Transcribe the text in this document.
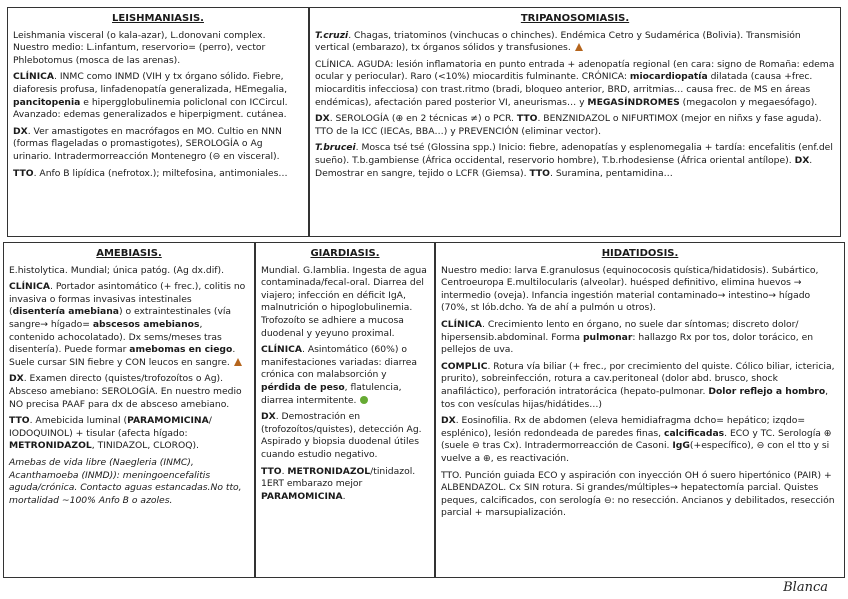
LEISHMANIASIS.

Leishmania visceral (o kala-azar), L.donovani complex. Nuestro medio: L.infantum, reservorio= (perro), vector Phlebotomus (mosca de las arenas).

CLÍNICA. INMC como INMD (VIH y tx órgano sólido. Fiebre, diaforesis profusa, linfadenopatía generalizada, HEmegalia, pancitopenia e hipergglobulinemia policlonal con ICCircul. Avanzado: edemas generalizados e hiperpigment. cutánea.

DX. Ver amastigotes en macrófagos en MO. Cultio en NNN (formas flageladas o promastigotes), SEROLOGÍA o Ag urinario. Intradermorreacción Montenegro (⊖ en visceral).

TTO. Anfo B lipídica (nefrotox.); miltefosina, antimoniales…

TRIPANOSOMIASIS.

T.cruzi. Chagas, triatominos (vinchucas o chinches). Endémica Cetro y Sudamérica (Bolivia). Transmisión vertical (embarazo), tx órganos sólidos y transfusiones.

CLÍNICA. AGUDA: lesión inflamatoria en punto entrada + adenopatía regional (en cara: signo de Romaña: edema ocular y periocular). Raro (<10%) miocarditis fulminante. CRÓNICA: miocardiopatía dilatada (causa +frec. miocarditis infecciosa) con trast.ritmo (bradi, bloqueo anterior, BRD, arritmias… causa frec. de MS en áreas endémicas), afectación pared posterior VI, aneurismas… y MEGASÍNDROMES (megacolon y megaesófago).

DX. SEROLOGÍA (⊕ en 2 técnicas ≠) o PCR. TTO. BENZNIDAZOL o NIFURTIMOX (mejor en niñxs y fase aguda). TTO de la ICC (IECAs, BBA…) y PREVENCIÓN (eliminar vector).

T.brucei. Mosca tsé tsé (Glossina spp.) Inicio: fiebre, adenopatías y esplenomegalia + tardía: encefalitis (enf.del sueño). T.b.gambiense (África occidental, reservorio hombre), T.b.rhodesiense (África oriental antílope). DX. Demostrar en sangre, tejido o LCFR (Giemsa). TTO. Suramina, pentamidina…

AMEBIASIS.

E.histolytica. Mundial; única patóg. (Ag dx.dif).

CLÍNICA. Portador asintomático (+ frec.), colitis no invasiva o formas invasivas intestinales (disentería amebiana) o extraintestinales (vía sangre→ hígado= abscesos amebianos, contenido achocolatado). Dx sems/meses tras disentería). Puede formar amebomas en ciego. Suele cursar SIN fiebre y CON leucos en sangre.

DX. Examen directo (quistes/trofozoítos o Ag). Absceso amebiano: SEROLOGÍA. En nuestro medio NO precisa PAAF para dx de absceso amebiano.

TTO. Amebicida luminal (PARAMOMICINA/ IODOQUINOL) + tisular (afecta hígado: METRONIDAZOL, TINIDAZOL, CLOROQ).

Amebas de vida libre (Naegleria (INMC), Acanthamoeba (INMD)): meningoencefalitis aguda/crónica. Contacto aguas estancadas.No tto, mortalidad ~100% Anfo B o azoles.

GIARDIASIS.

Mundial. G.lamblia. Ingesta de agua contaminada/fecal-oral. Diarrea del viajero; infección en déficit IgA, malnutrición o hipoglobulinemia. Trofozoíto se adhiere a mucosa duodenal y yeyuno proximal.

CLÍNICA. Asintomático (60%) o manifestaciones variadas: diarrea crónica con malabsorción y pérdida de peso, flatulencia, diarrea intermitente.

DX. Demostración en (trofozoítos/quistes), detección Ag. Aspirado y biopsia duodenal útiles cuando estudio negativo.

TTO. METRONIDAZOL/tinidazol. 1ERT embarazo mejor PARAMOMICINA.

HIDATIDOSIS.

Nuestro medio: larva E.granulosus (equinococosis quística/hidatidosis). Subártico, Centroeuropa E.multilocularis (alveolar). huésped definitivo, elimina huevos → intermedio (oveja). Infancia ingestión material contaminado→ intestino→ hígado (70%, st lób.dcho. Ya de ahí a pulmón u otros).

CLÍNICA. Crecimiento lento en órgano, no suele dar síntomas; discreto dolor/ hipersensib.abdominal. Forma pulmonar: hallazgo Rx por tos, dolor torácico, en pellejos de uva.

COMPLIC. Rotura vía biliar (+ frec., por crecimiento del quiste. Cólico biliar, ictericia, prurito), sobreinfección, rotura a cav.peritoneal (dolor abd. brusco, shock anafiláctico), perforación intratorácica (hepato-pulmonar. Dolor reflejo a hombro, tos con vesículas hijas/hidátides…)

DX. Eosinofilia. Rx de abdomen (eleva hemidiafragma dcho= hepático; izqdo= esplénico), lesión redondeada de paredes finas, calcificadas. ECO y TC. Serología ⊕ (suele ⊖ tras Cx). Intradermorreacción de Casoni. IgG(+específico), ⊖ con el tto y si vuelve a ⊕, es reactivación.

TTO. Punción guiada ECO y aspiración con inyección OH ó suero hipertónico (PAIR) + ALBENDAZOL. Cx SIN rotura. Si grandes/múltiples→ hepatectomía parcial. Quistes peques, calcificados, con serología ⊖: no resección. Ancianos y debilitados, resección parcial + marsupialización.

Blanca
